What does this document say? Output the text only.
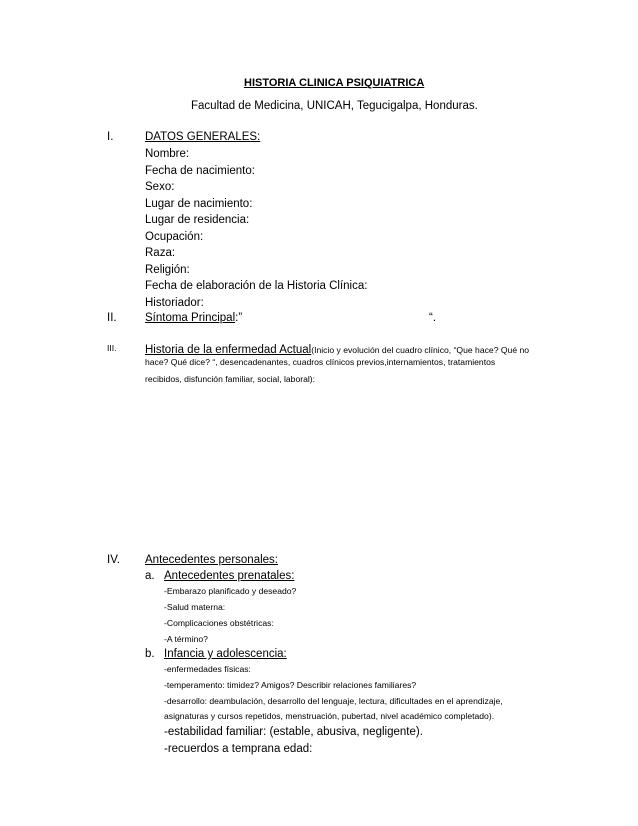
HISTORIA CLINICA PSIQUIATRICA
Facultad de Medicina, UNICAH, Tegucigalpa, Honduras.
I.	DATOS GENERALES:
Nombre:
Fecha de nacimiento:
Sexo:
Lugar de nacimiento:
Lugar de residencia:
Ocupación:
Raza:
Religión:
Fecha de elaboración de la Historia Clínica:
Historiador:
II. Síntoma Principal:”	“.
III. Historia de la enfermedad Actual(Inicio y evolución del cuadro clínico, “Que hace? Qué no
hace? Qué dice? “, desencadenantes, cuadros clínicos previos,internamientos, tratamientos
recibidos, disfunción familiar, social, laboral):
IV. Antecedentes personales:
a. Antecedentes prenatales:
-Embarazo planificado y deseado?
-Salud materna:
-Complicaciones obstétricas:
-A término?
b. Infancia y adolescencia:
-enfermedades físicas:
-temperamento: timidez? Amigos? Describir relaciones familiares?
-desarrollo: deambulación, desarrollo del lenguaje, lectura, dificultades en el aprendizaje,
asignaturas y cursos repetidos, menstruación, pubertad, nivel académico completado).
-estabilidad familiar: (estable, abusiva, negligente).
-recuerdos a temprana edad:
